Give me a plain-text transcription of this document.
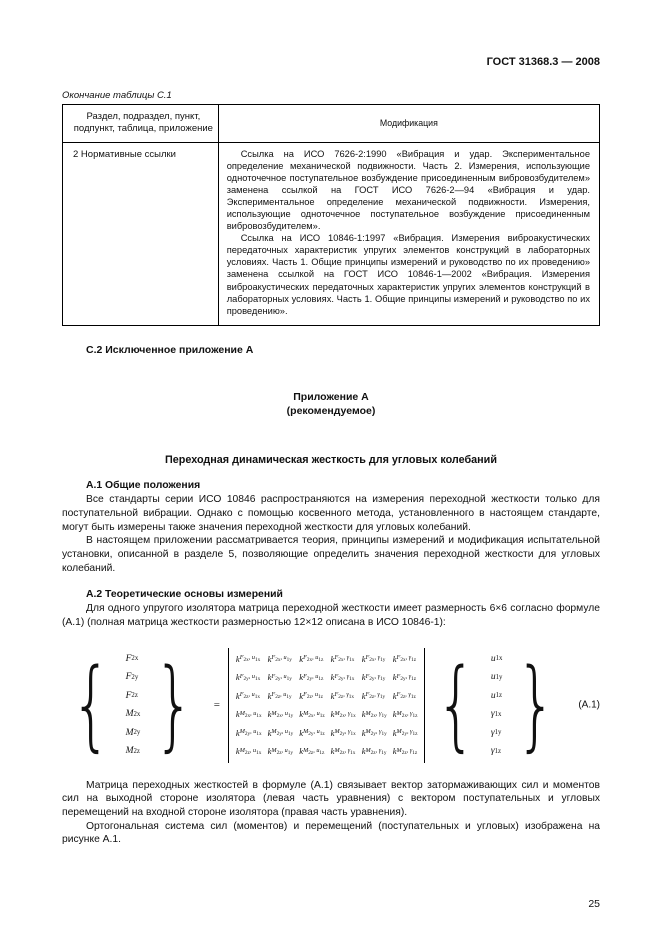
ГОСТ 31368.3 — 2008
Окончание таблицы С.1
Раздел, подраздел, пункт, подпункт, таблица, приложение	Модификация
2 Нормативные ссылки	Ссылка на ИСО 7626-2:1990 «Вибрация и удар. Экспериментальное определение механической подвижности. Часть 2. Измерения, использующие одноточечное поступательное возбуждение присоединенным вибровозбудителем» заменена ссылкой на ГОСТ ИСО 7626-2—94 «Вибрация и удар. Экспериментальное определение механической подвижности. Измерения, использующие одноточечное поступательное возбуждение присоединенным вибровозбудителем».

Ссылка на ИСО 10846-1:1997 «Вибрация. Измерения виброакустических передаточных характеристик упругих элементов конструкций в лабораторных условиях. Часть 1. Общие принципы измерений и руководство по их проведению» заменена ссылкой на ГОСТ ИСО 10846-1—2002 «Вибрация. Измерения виброакустических передаточных характеристик упругих элементов конструкций в лабораторных условиях. Часть 1. Общие принципы измерений и руководство по их проведению».

С.2 Исключенное приложение А
Приложение А
(рекомендуемое)
Переходная динамическая жесткость для угловых колебаний
А.1 Общие положения

Все стандарты серии ИСО 10846 распространяются на измерения переходной жесткости только для поступательной вибрации. Однако с помощью косвенного метода, установленного в настоящем стандарте, могут быть измерены также значения переходной жесткости для угловых колебаний.

В настоящем приложении рассматривается теория, принципы измерений и модификация испытательной установки, описанной в разделе 5, позволяющие определить значения переходной жесткости для угловых колебаний.

А.2 Теоретические основы измерений

Для одного упругого изолятора матрица переходной жесткости имеет размерность 6×6 согласно формуле (А.1) (полная матрица жесткости размерностью 12×12 описана в ИСО 10846-1):

{ F 2x
F 2y
F 2z
M 2x
M 2y
M 2z } =
k $F_{2x}$, $u_{1x}$ k $F_{2x}$, $u_{1y}$ k $F_{2x}$, $u_{1z}$ k $F_{2x}$, $\gamma_{1x}$ k $F_{2x}$, $\gamma_{1y}$ k $F_{2x}$, $\gamma_{1z}$
k $F_{2y}$, $u_{1x}$ k $F_{2y}$, $u_{1y}$ k $F_{2y}$, $u_{1z}$ k $F_{2y}$, $\gamma_{1x}$ k $F_{2y}$, $\gamma_{1y}$ k $F_{2y}$, $\gamma_{1z}$
k $F_{2z}$, $u_{1x}$ k $F_{2z}$, $u_{1y}$ k $F_{2z}$, $u_{1z}$ k $F_{2z}$, $\gamma_{1x}$ k $F_{2z}$, $\gamma_{1y}$ k $F_{2z}$, $\gamma_{1z}$
k $M_{2x}$, $u_{1x}$ k $M_{2x}$, $u_{1y}$ k $M_{2x}$, $u_{1z}$ k $M_{2x}$, $\gamma_{1x}$ k $M_{2x}$, $\gamma_{1y}$ k $M_{2x}$, $\gamma_{1z}$
k $M_{2y}$, $u_{1x}$ k $M_{2y}$, $u_{1y}$ k $M_{2y}$, $u_{1z}$ k $M_{2y}$, $\gamma_{1x}$ k $M_{2y}$, $\gamma_{1y}$ k $M_{2y}$, $\gamma_{1z}$
k $M_{2z}$, $u_{1x}$ k $M_{2z}$, $u_{1y}$ k $M_{2z}$, $u_{1z}$ k $M_{2z}$, $\gamma_{1x}$ k $M_{2z}$, $\gamma_{1y}$ k $M_{2z}$, $\gamma_{1z}$ { u 1x
u 1y
u 1z
γ 1x
γ 1y
γ 1z } (А.1)

Матрица переходных жесткостей в формуле (А.1) связывает вектор затормаживающих сил и моментов сил на выходной стороне изолятора (левая часть уравнения) с вектором поступательных и угловых перемещений на входной стороне изолятора (правая часть уравнения).

Ортогональная система сил (моментов) и перемещений (поступательных и угловых) изображена на рисунке А.1.

25
